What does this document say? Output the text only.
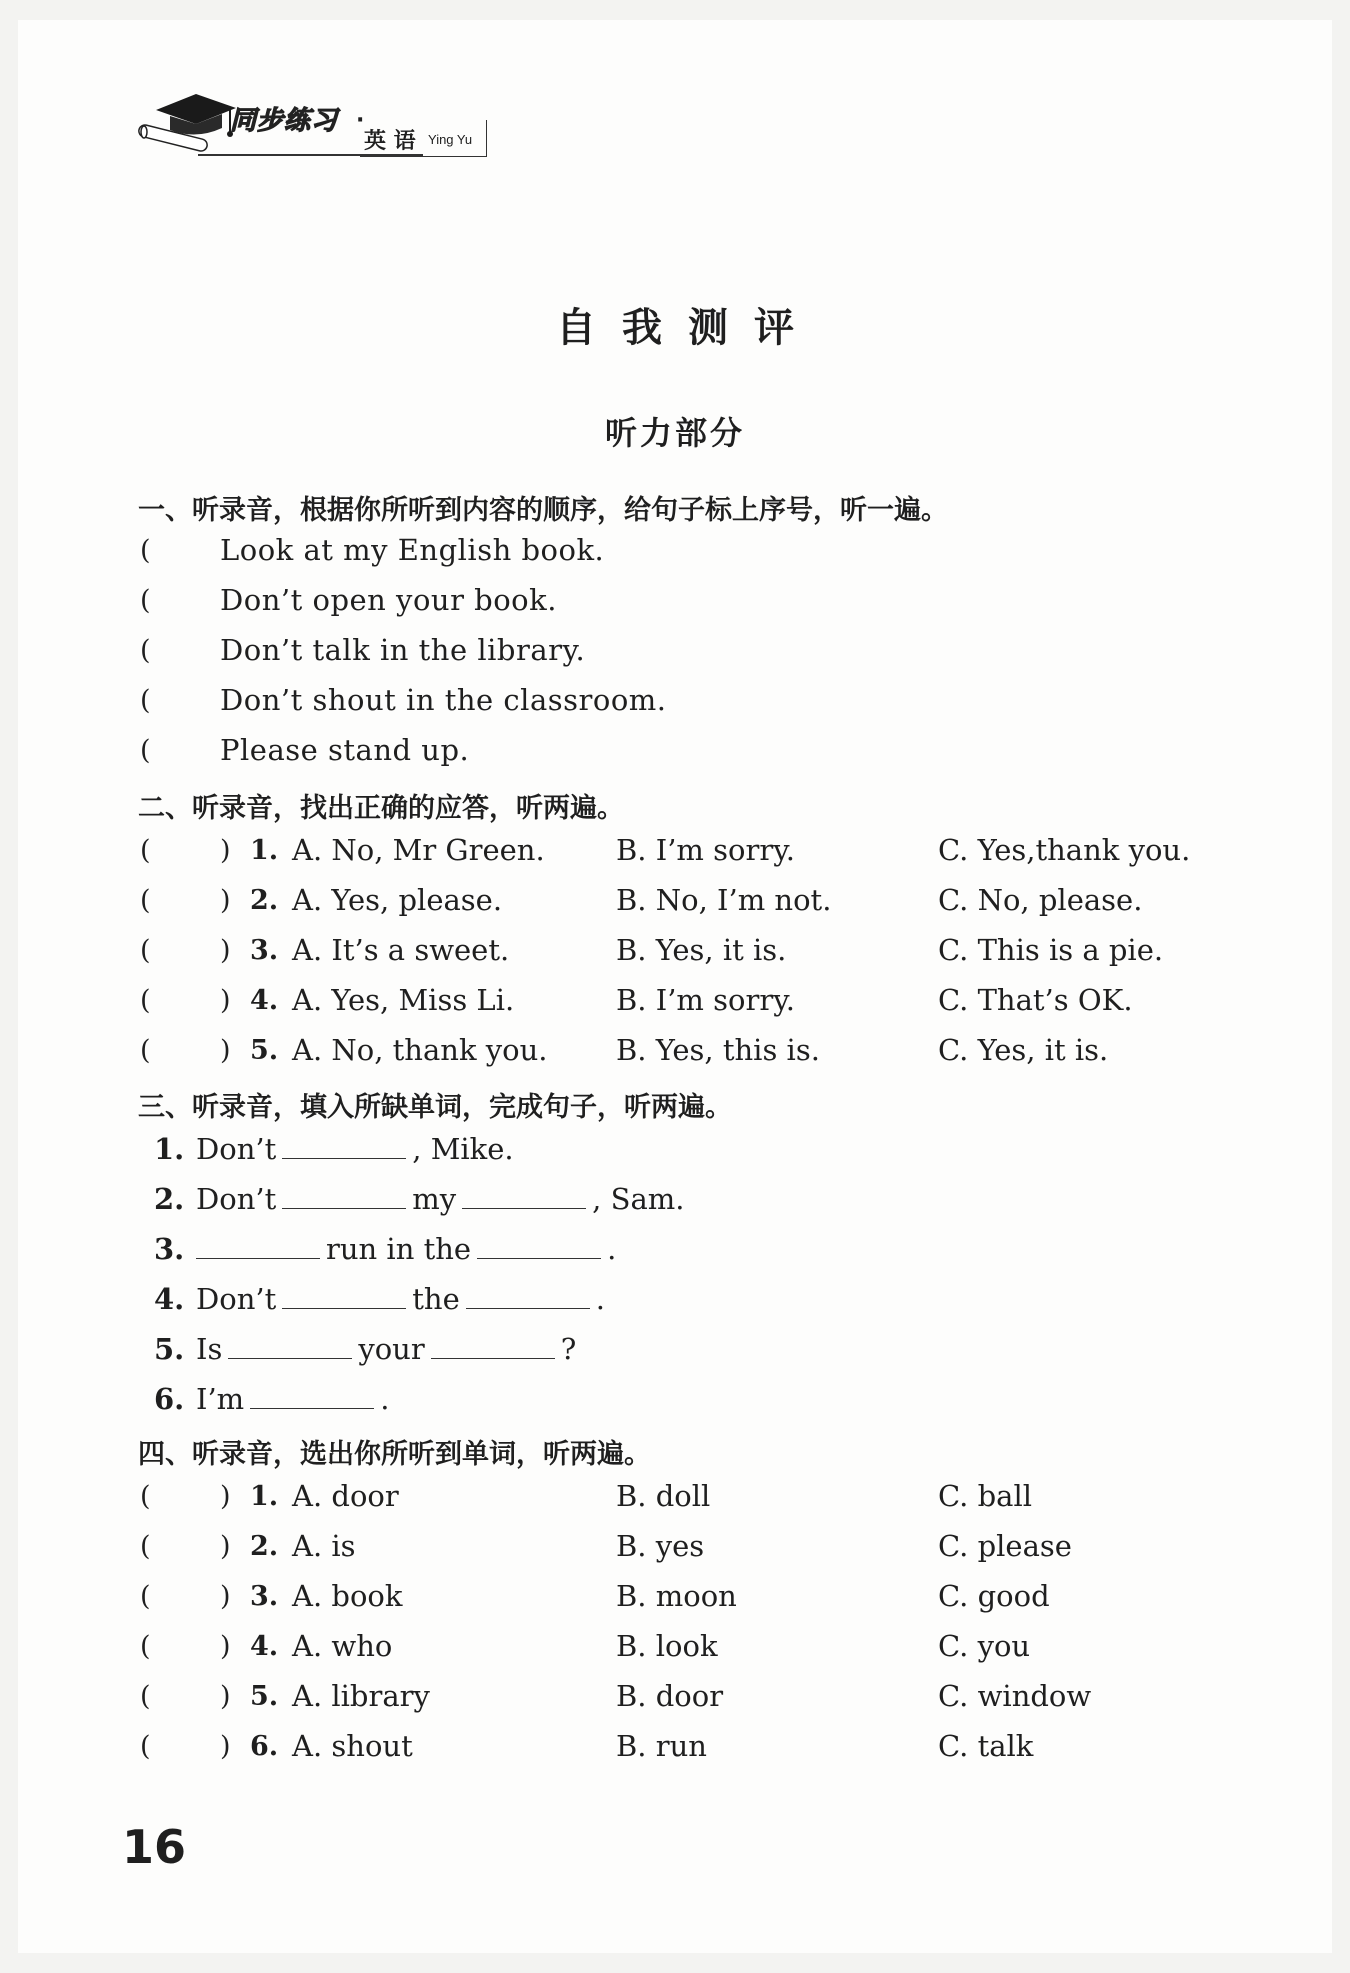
同步练习 ·
英 语 Ying Yu
自我测评
听力部分
一、听录音，根据你所听到内容的顺序，给句子标上序号，听一遍。
( Look at my English book.
( Don’t open your book.
( Don’t talk in the library.
( Don’t shout in the classroom.
( Please stand up.
二、听录音，找出正确的应答，听两遍。
(	) 1. A. No, Mr Green. B. I’m sorry.	C. Yes,thank you.
(	) 2. A. Yes, please.	B. No, I’m not.	C. No, please.
(	) 3. A. It’s a sweet.	B. Yes, it is.	C. This is a pie.
(	) 4. A. Yes, Miss Li.	B. I’m sorry.	C. That’s OK.
(	) 5. A. No, thank you. B. Yes, this is.	C. Yes, it is.
三、听录音，填入所缺单词，完成句子，听两遍。
1. Don’t	, Mike.
2. Don’t	my	, Sam.
3.	run in the	.
4. Don’t	the	.
5. Is	your	?
6. I’m	.
四、听录音，选出你所听到单词，听两遍。
(	) 1. A. door	B. doll	C. ball
(	) 2. A. is	B. yes	C. please
(	) 3. A. book	B. moon	C. good
(	) 4. A. who	B. look	C. you
(	) 5. A. library	B. door	C. window
(	) 6. A. shout	B. run	C. talk
16
